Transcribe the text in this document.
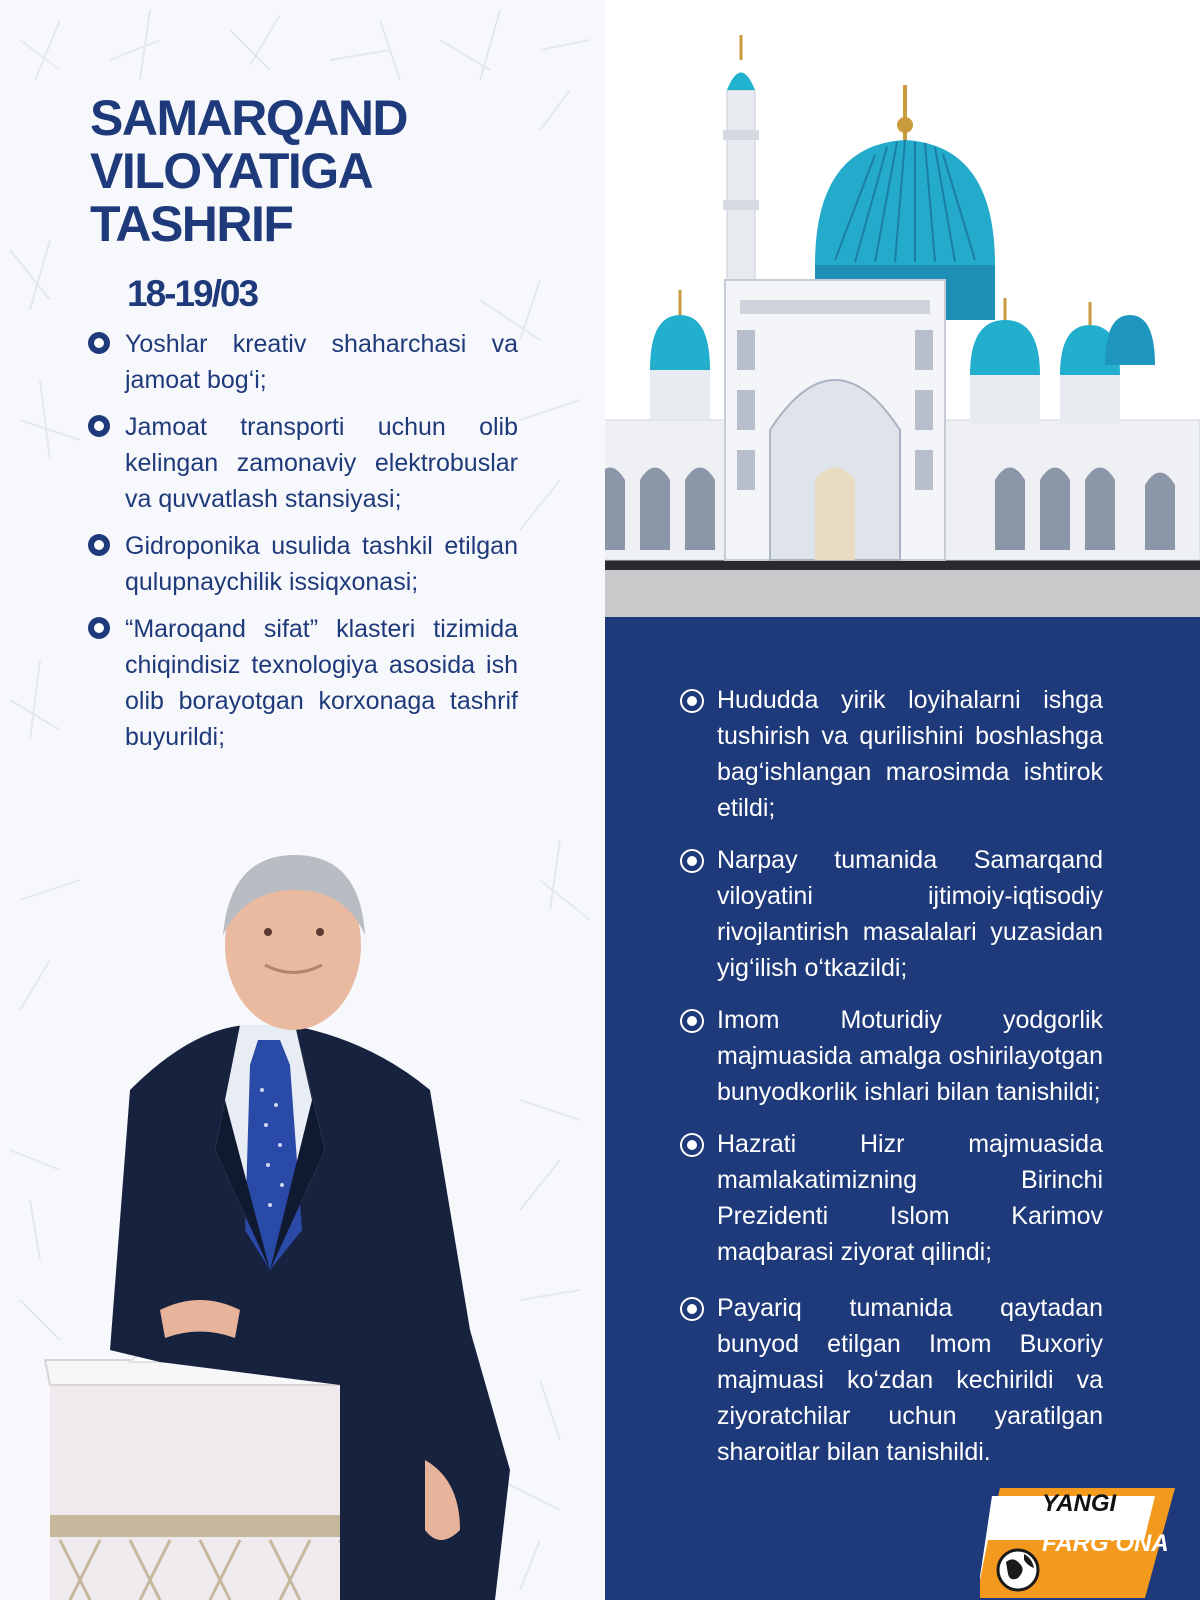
SAMARQAND
VILOYATIGA
TASHRIF
18-19/03
Yoshlar kreativ shaharchasi va jamoat bog‘i;
Jamoat transporti uchun olib kelingan zamonaviy elektrobuslar va quvvatlash stansiyasi;
Gidroponika usulida tashkil etilgan qulupnaychilik issiqxonasi;
“Maroqand sifat” klasteri tizimida chiqindisiz texnologiya asosida ish olib borayotgan korxonaga tashrif buyurildi;
Hududda yirik loyihalarni ishga tushirish va qurilishini boshlashga bag‘ishlangan marosimda ishtirok etildi;
Narpay tumanida Samarqand viloyatini ijtimoiy-iqtisodiy rivojlantirish masalalari yuzasidan yig‘ilish o‘tkazildi;
Imom Moturidiy yodgorlik majmuasida amalga oshirilayotgan bunyodkorlik ishlari bilan tanishildi;
Hazrati Hizr majmuasida mamlakatimizning Birinchi Prezidenti Islom Karimov maqbarasi ziyorat qilindi;
Payariq tumanida qaytadan bunyod etilgan Imom Buxoriy majmuasi ko‘zdan kechirildi va ziyoratchilar uchun yaratilgan sharoitlar bilan tanishildi.
YANGI
FARG‘ONA
